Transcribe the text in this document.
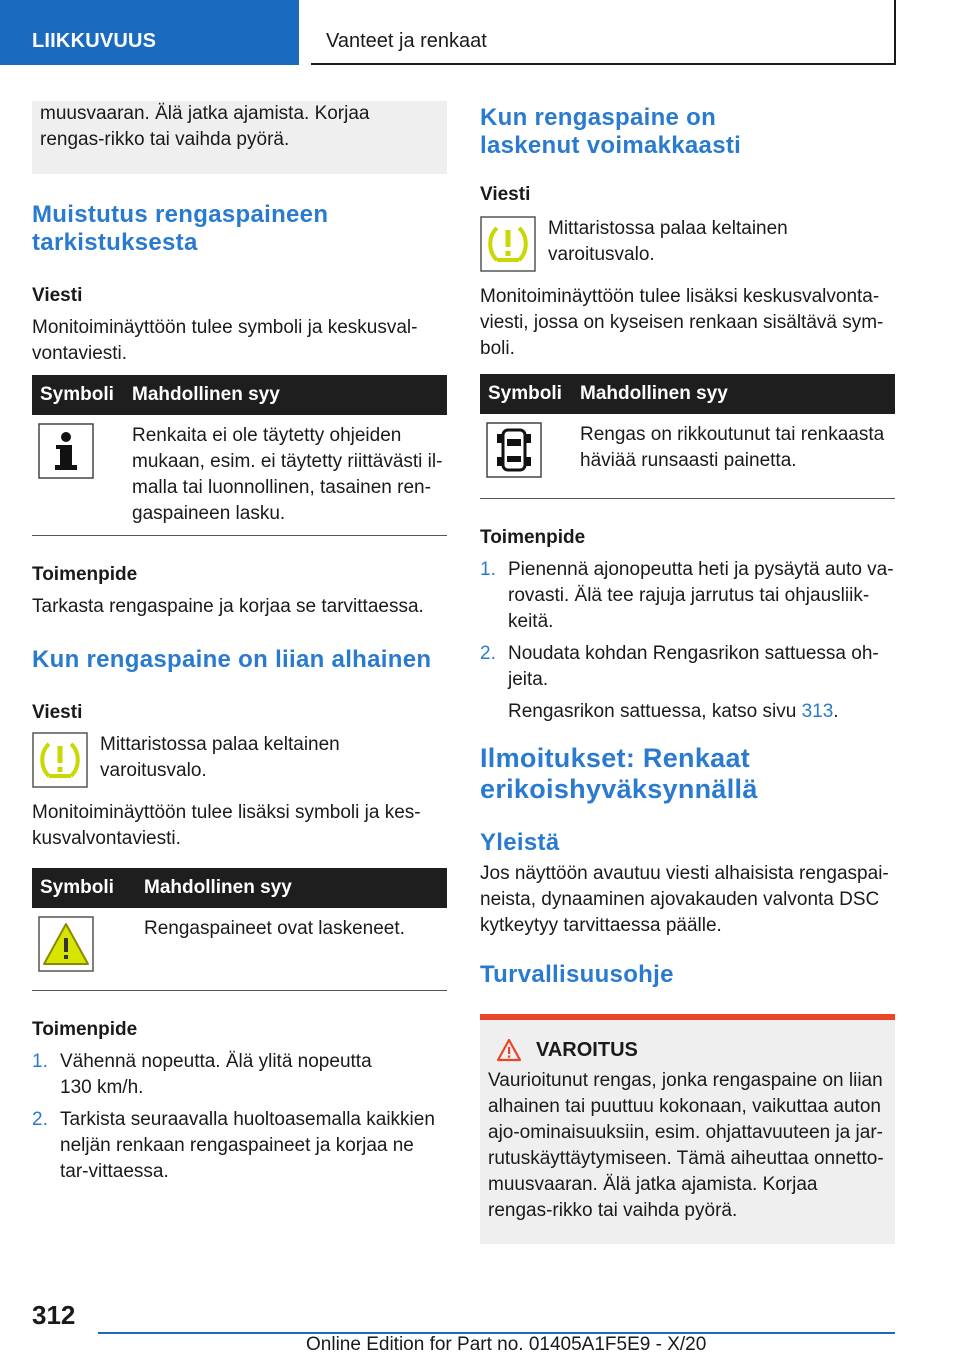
LIIKKUVUUS	Vanteet ja renkaat

muusvaaran. Älä jatka ajamista. Korjaa rengas-rikko tai vaihda pyörä.

Muistutus rengaspaineen tarkistuksesta
Viesti

Monitoiminäyttöön tulee symboli ja keskusval-vontaviesti.

Symboli	Mahdollinen syy
	Renkaita ei ole täytetty ohjeiden mukaan, esim. ei täytetty riittävästi il-malla tai luonnollinen, tasainen ren-gaspaineen lasku.
Toimenpide

Tarkasta rengaspaine ja korjaa se tarvittaessa.

Kun rengaspaine on liian alhainen
Viesti
Mittaristossa palaa keltainen varoitusvalo.

Monitoiminäyttöön tulee lisäksi symboli ja kes-kusvalvontaviesti.

Symboli	Mahdollinen syy
	Rengaspaineet ovat laskeneet.
Toimenpide
1. Vähennä nopeutta. Älä ylitä nopeutta 130 km/h.
2. Tarkista seuraavalla huoltoasemalla kaikkien neljän renkaan rengaspaineet ja korjaa ne tar-vittaessa.
Kun rengaspaine on laskenut voimakkaasti
Viesti
Mittaristossa palaa keltainen varoitusvalo.

Monitoiminäyttöön tulee lisäksi keskusvalvonta-viesti, jossa on kyseisen renkaan sisältävä sym-boli.

Symboli	Mahdollinen syy
	Rengas on rikkoutunut tai renkaasta häviää runsaasti painetta.
Toimenpide
1. Pienennä ajonopeutta heti ja pysäytä auto va-rovasti. Älä tee rajuja jarrutus tai ohjausliik-keitä.
2. Noudata kohdan Rengasrikon sattuessa oh-jeita.
Rengasrikon sattuessa, katso sivu 313.
Ilmoitukset: Renkaat erikoishyväksynnällä
Yleistä

Jos näyttöön avautuu viesti alhaisista rengaspai-neista, dynaaminen ajovakauden valvonta DSC kytkeytyy tarvittaessa päälle.

Turvallisuusohje
VAROITUS

Vaurioitunut rengas, jonka rengaspaine on liian alhainen tai puuttuu kokonaan, vaikuttaa auton ajo-ominaisuuksiin, esim. ohjattavuuteen ja jar-rutuskäyttäytymiseen. Tämä aiheuttaa onnetto-muusvaaran. Älä jatka ajamista. Korjaa rengas-rikko tai vaihda pyörä.

312
Online Edition for Part no. 01405A1F5E9 - X/20
